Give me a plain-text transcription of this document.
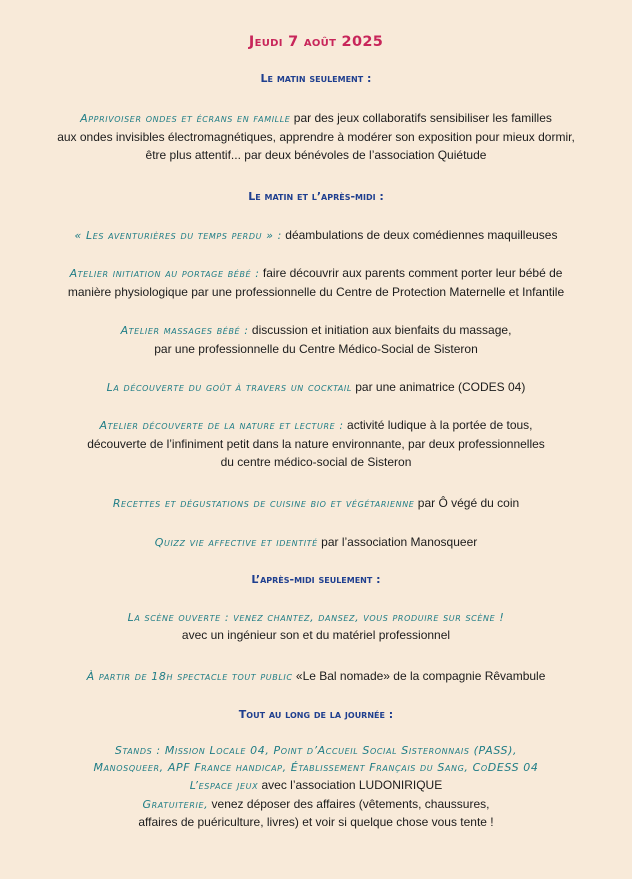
Jeudi 7 août 2025
Le matin seulement :
Apprivoiser ondes et écrans en famille par des jeux collaboratifs sensibiliser les familles
aux ondes invisibles électromagnétiques, apprendre à modérer son exposition pour mieux dormir,
être plus attentif... par deux bénévoles de l’association Quiétude
Le matin et l’après-midi :
« Les aventurières du temps perdu » : déambulations de deux comédiennes maquilleuses
Atelier initiation au portage bébé : faire découvrir aux parents comment porter leur bébé de
manière physiologique par une professionnelle du Centre de Protection Maternelle et Infantile
Atelier massages bébé : discussion et initiation aux bienfaits du massage,
par une professionnelle du Centre Médico-Social de Sisteron
La découverte du goût à travers un cocktail par une animatrice (CODES 04)
Atelier découverte de la nature et lecture : activité ludique à la portée de tous,
découverte de l’infiniment petit dans la nature environnante, par deux professionnelles
du centre médico-social de Sisteron
Recettes et dégustations de cuisine bio et végétarienne par Ô végé du coin
Quizz vie affective et identité par l’association Manosqueer
L’après-midi seulement :
La scène ouverte : venez chantez, dansez, vous produire sur scène !
avec un ingénieur son et du matériel professionnel
À partir de 18h spectacle tout public «Le Bal nomade» de la compagnie Rêvambule
Tout au long de la journée :
Stands : Mission Locale 04, Point d’Accueil Social Sisteronnais (PASS),
Manosqueer, APF France handicap, Établissement Français du Sang, CoDESS 04
L’espace jeux avec l’association LUDONIRIQUE
Gratuiterie, venez déposer des affaires (vêtements, chaussures,
affaires de puériculture, livres) et voir si quelque chose vous tente !
